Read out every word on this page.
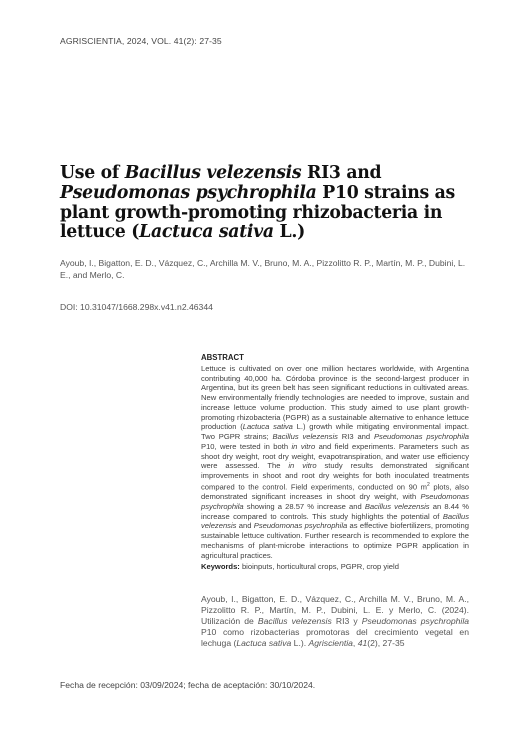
AGRISCIENTIA, 2024, VOL. 41(2): 27-35
Use of Bacillus velezensis RI3 and Pseudomonas psychrophila P10 strains as plant growth-promoting rhizobacteria in lettuce (Lactuca sativa L.)
Ayoub, I., Bigatton, E. D., Vázquez, C., Archilla M. V., Bruno, M. A., Pizzolitto R. P., Martín, M. P., Dubini, L. E., and Merlo, C.
DOI: 10.31047/1668.298x.v41.n2.46344
ABSTRACT

Lettuce is cultivated on over one million hectares worldwide, with Argentina contributing 40,000 ha. Córdoba province is the second-largest producer in Argentina, but its green belt has seen significant reductions in cultivated areas. New environmentally friendly technologies are needed to improve, sustain and increase lettuce volume production. This study aimed to use plant growth-promoting rhizobacteria (PGPR) as a sustainable alternative to enhance lettuce production (Lactuca sativa L.) growth while mitigating environmental impact. Two PGPR strains; Bacillus velezensis RI3 and Pseudomonas psychrophila P10, were tested in both in vitro and field experiments. Parameters such as shoot dry weight, root dry weight, evapotranspiration, and water use efficiency were assessed. The in vitro study results demonstrated significant improvements in shoot and root dry weights for both inoculated treatments compared to the control. Field experiments, conducted on 90 $m^2$ plots, also demonstrated significant increases in shoot dry weight, with Pseudomonas psychrophila showing a 28.57 % increase and Bacillus velezensis an 8.44 % increase compared to controls. This study highlights the potential of Bacillus velezensis and Pseudomonas psychrophila as effective biofertilizers, promoting sustainable lettuce cultivation. Further research is recommended to explore the mechanisms of plant-microbe interactions to optimize PGPR application in agricultural practices.

Keywords: bioinputs, horticultural crops, PGPR, crop yield
Ayoub, I., Bigatton, E. D., Vázquez, C., Archilla M. V., Bruno, M. A., Pizzolitto R. P., Martín, M. P., Dubini, L. E. y Merlo, C. (2024). Utilización de Bacillus velezensis RI3 y Pseudomonas psychrophila P10 como rizobacterias promotoras del crecimiento vegetal en lechuga (Lactuca sativa L.). Agriscientia, 41(2), 27-35
Fecha de recepción: 03/09/2024; fecha de aceptación: 30/10/2024.
